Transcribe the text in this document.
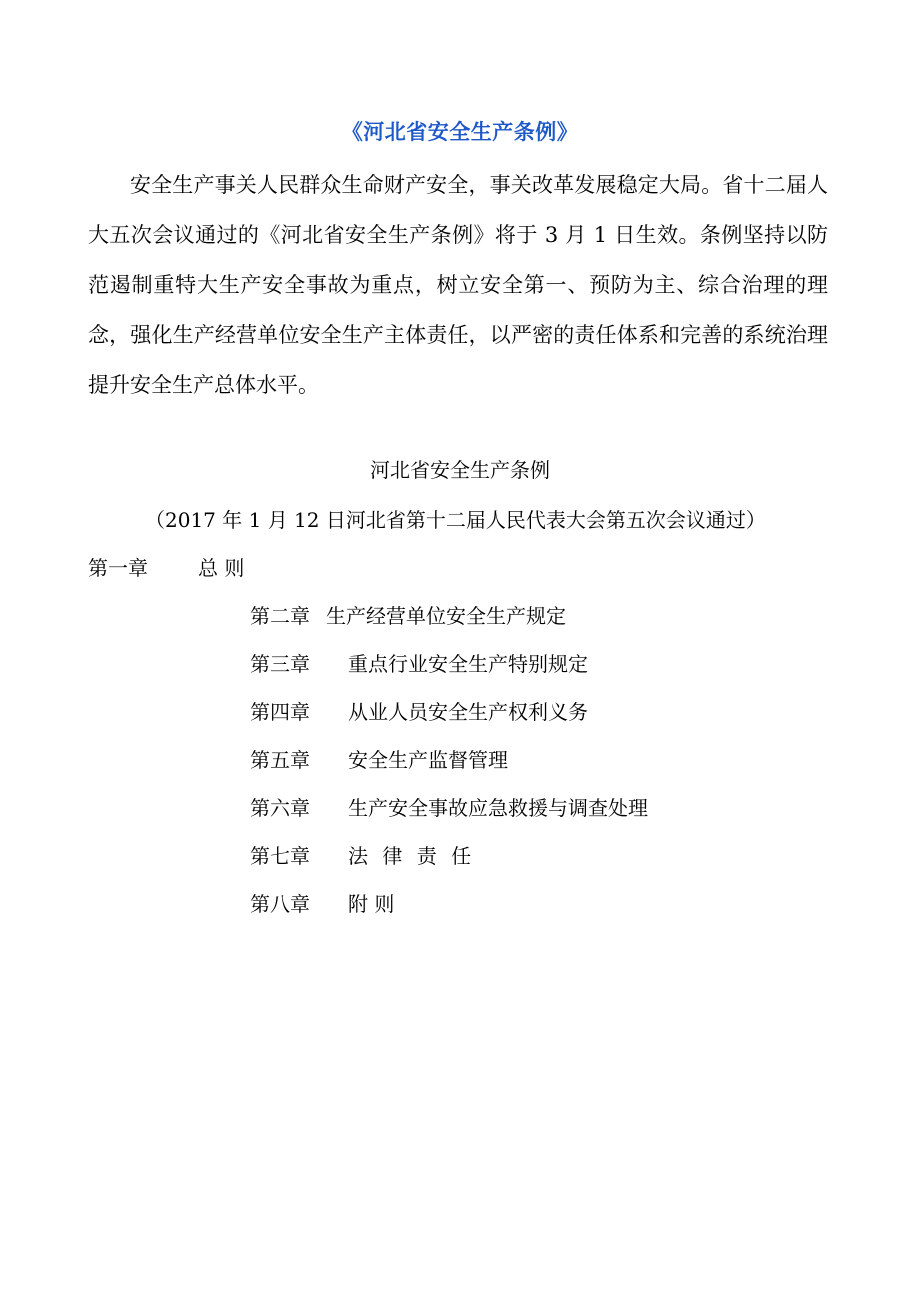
《河北省安全生产条例》

安全生产事关人民群众生命财产安全，事关改革发展稳定大局。省十二届人大五次会议通过的《河北省安全生产条例》将于 3 月 1 日生效。条例坚持以防范遏制重特大生产安全事故为重点，树立安全第一、预防为主、综合治理的理念，强化生产经营单位安全生产主体责任，以严密的责任体系和完善的系统治理提升安全生产总体水平。

河北省安全生产条例
（2017 年 1 月 12 日河北省第十二届人民代表大会第五次会议通过）
第一章	总 则
第二章 生产经营单位安全生产规定
第三章 重点行业安全生产特别规定
第四章 从业人员安全生产权利义务
第五章 安全生产监督管理
第六章 生产安全事故应急救援与调查处理
第七章 法 律 责 任
第八章 附 则
